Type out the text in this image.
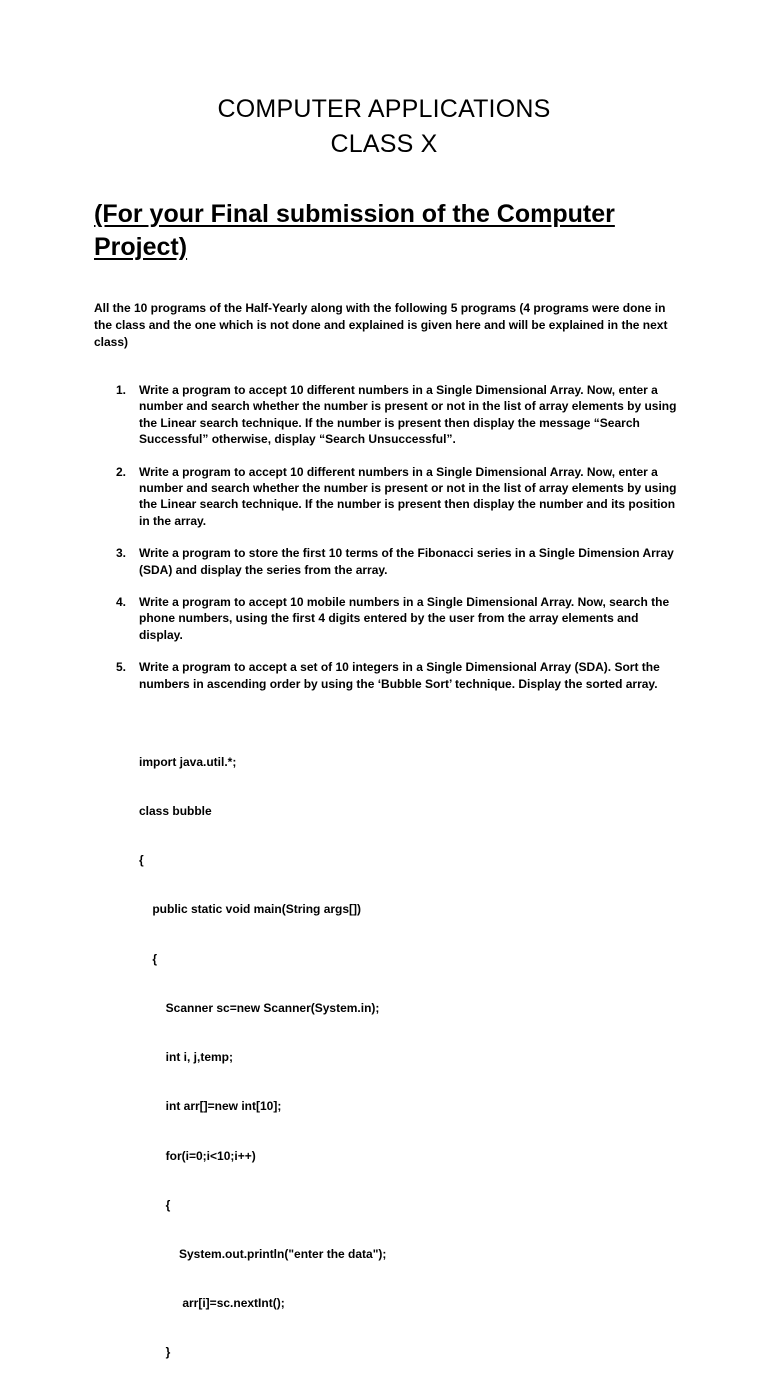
COMPUTER APPLICATIONS
CLASS X
(For your Final submission of the Computer Project)
All the 10 programs of the Half-Yearly along with the following 5 programs (4 programs were done in the class and the one which is not done and explained is given here and will be explained in the next class)
1. Write a program to accept 10 different numbers in a Single Dimensional Array. Now, enter a number and search whether the number is present or not in the list of array elements by using the Linear search technique. If the number is present then display the message “Search Successful” otherwise, display “Search Unsuccessful”.
2. Write a program to accept 10 different numbers in a Single Dimensional Array. Now, enter a number and search whether the number is present or not in the list of array elements by using the Linear search technique. If the number is present then display the number and its position in the array.
3. Write a program to store the first 10 terms of the Fibonacci series in a Single Dimension Array (SDA) and display the series from the array.
4. Write a program to accept 10 mobile numbers in a Single Dimensional Array. Now, search the phone numbers, using the first 4 digits entered by the user from the array elements and display.
5. Write a program to accept a set of 10 integers in a Single Dimensional Array (SDA). Sort the numbers in ascending order by using the ‘Bubble Sort’ technique. Display the sorted array.

import java.util.*;

class bubble

{

public static void main(String args[])

{

Scanner sc=new Scanner(System.in);

int i, j,temp;

int arr[]=new int[10];

for(i=0;i<10;i++)

{

System.out.println("enter the data");

arr[i]=sc.nextInt();

}
